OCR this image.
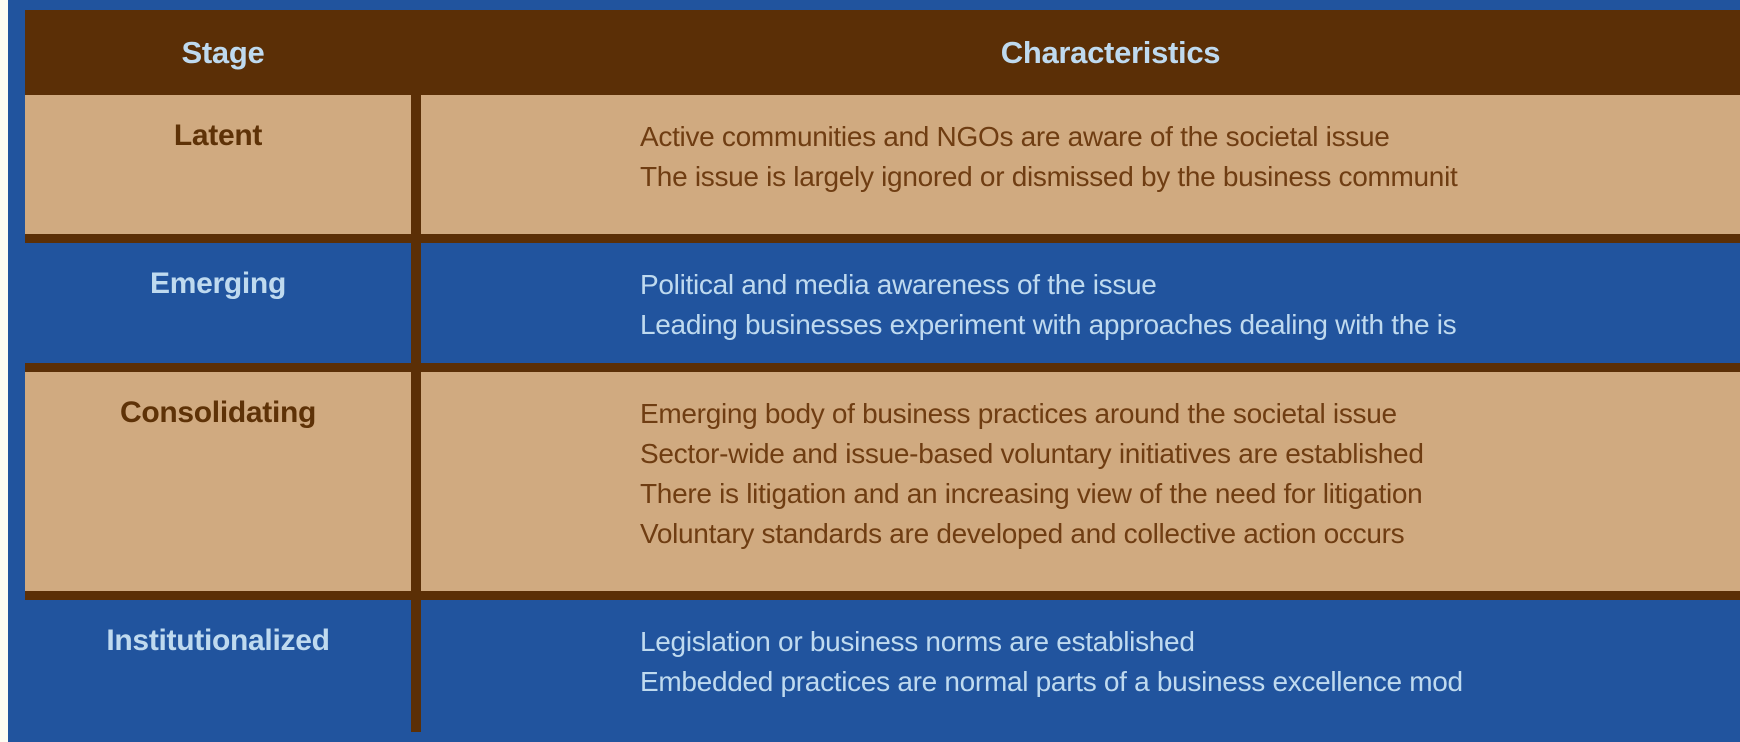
Stage	Characteristics
Latent	Active communities and NGOs are aware of the societal issue
The issue is largely ignored or dismissed by the business communit
Emerging	Political and media awareness of the issue
Leading businesses experiment with approaches dealing with the is
Consolidating	Emerging body of business practices around the societal issue
Sector-wide and issue-based voluntary initiatives are established
There is litigation and an increasing view of the need for litigation
Voluntary standards are developed and collective action occurs
Institutionalized	Legislation or business norms are established
Embedded practices are normal parts of a business excellence mod
